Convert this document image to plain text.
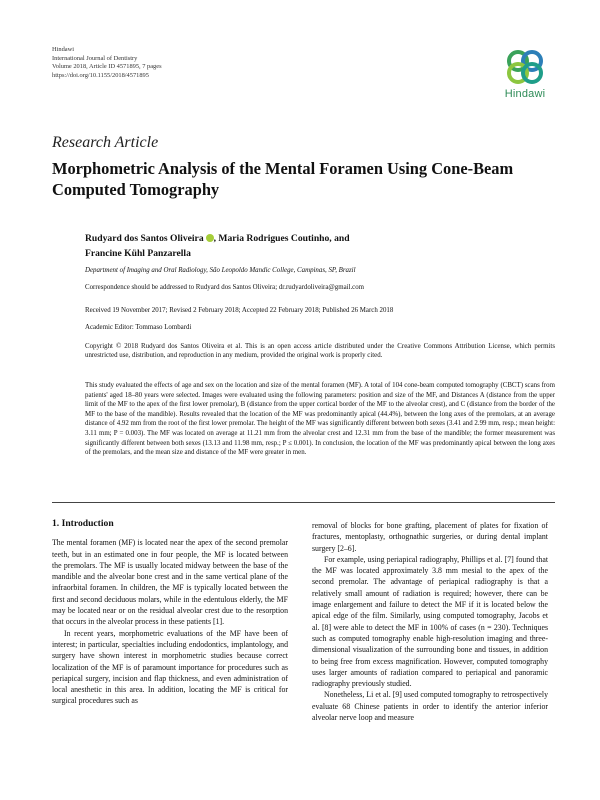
Hindawi
International Journal of Dentistry
Volume 2018, Article ID 4571895, 7 pages
https://doi.org/10.1155/2018/4571895
Hindawi
Research Article
Morphometric Analysis of the Mental Foramen Using Cone-Beam Computed Tomography
Rudyard dos Santos Oliveira , Maria Rodrigues Coutinho, and
Francine Kühl Panzarella
Department of Imaging and Oral Radiology, São Leopoldo Mandic College, Campinas, SP, Brazil
Correspondence should be addressed to Rudyard dos Santos Oliveira; dr.rudyardoliveira@gmail.com
Received 19 November 2017; Revised 2 February 2018; Accepted 22 February 2018; Published 26 March 2018
Academic Editor: Tommaso Lombardi
Copyright © 2018 Rudyard dos Santos Oliveira et al. This is an open access article distributed under the Creative Commons Attribution License, which permits unrestricted use, distribution, and reproduction in any medium, provided the original work is properly cited.
This study evaluated the effects of age and sex on the location and size of the mental foramen (MF). A total of 104 cone-beam computed tomography (CBCT) scans from patients' aged 18–80 years were selected. Images were evaluated using the following parameters: position and size of the MF, and Distances A (distance from the upper limit of the MF to the apex of the first lower premolar), B (distance from the upper cortical border of the MF to the alveolar crest), and C (distance from the border of the MF to the base of the mandible). Results revealed that the location of the MF was predominantly apical (44.4%), between the long axes of the premolars, at an average distance of 4.92 mm from the root of the first lower premolar. The height of the MF was significantly different between both sexes (3.41 and 2.99 mm, resp.; mean height: 3.11 mm; P = 0.003). The MF was located on average at 11.21 mm from the alveolar crest and 12.31 mm from the base of the mandible; the former measurement was significantly different between both sexes (13.13 and 11.98 mm, resp.; P ≤ 0.001). In conclusion, the location of the MF was predominantly apical between the long axes of the premolars, and the mean size and distance of the MF were greater in men.
1. Introduction

The mental foramen (MF) is located near the apex of the second premolar teeth, but in an estimated one in four people, the MF is located between the premolars. The MF is usually located midway between the base of the mandible and the alveolar bone crest and in the same vertical plane of the infraorbital foramen. In children, the MF is typically located between the first and second deciduous molars, while in the edentulous elderly, the MF may be located near or on the residual alveolar crest due to the resorption that occurs in the alveolar process in these patients [1].

In recent years, morphometric evaluations of the MF have been of interest; in particular, specialties including endodontics, implantology, and surgery have shown interest in morphometric studies because correct localization of the MF is of paramount importance for procedures such as periapical surgery, incision and flap thickness, and even administration of local anesthetic in this area. In addition, locating the MF is critical for surgical procedures such as

removal of blocks for bone grafting, placement of plates for fixation of fractures, mentoplasty, orthognathic surgeries, or during dental implant surgery [2–6].

For example, using periapical radiography, Phillips et al. [7] found that the MF was located approximately 3.8 mm mesial to the apex of the second premolar. The advantage of periapical radiography is that a relatively small amount of radiation is required; however, there can be image enlargement and failure to detect the MF if it is located below the apical edge of the film. Similarly, using computed tomography, Jacobs et al. [8] were able to detect the MF in 100% of cases (n = 230). Techniques such as computed tomography enable high-resolution imaging and three-dimensional visualization of the surrounding bone and tissues, in addition to being free from excess magnification. However, computed tomography uses larger amounts of radiation compared to periapical and panoramic radiography previously studied.

Nonetheless, Li et al. [9] used computed tomography to retrospectively evaluate 68 Chinese patients in order to identify the anterior inferior alveolar nerve loop and measure
